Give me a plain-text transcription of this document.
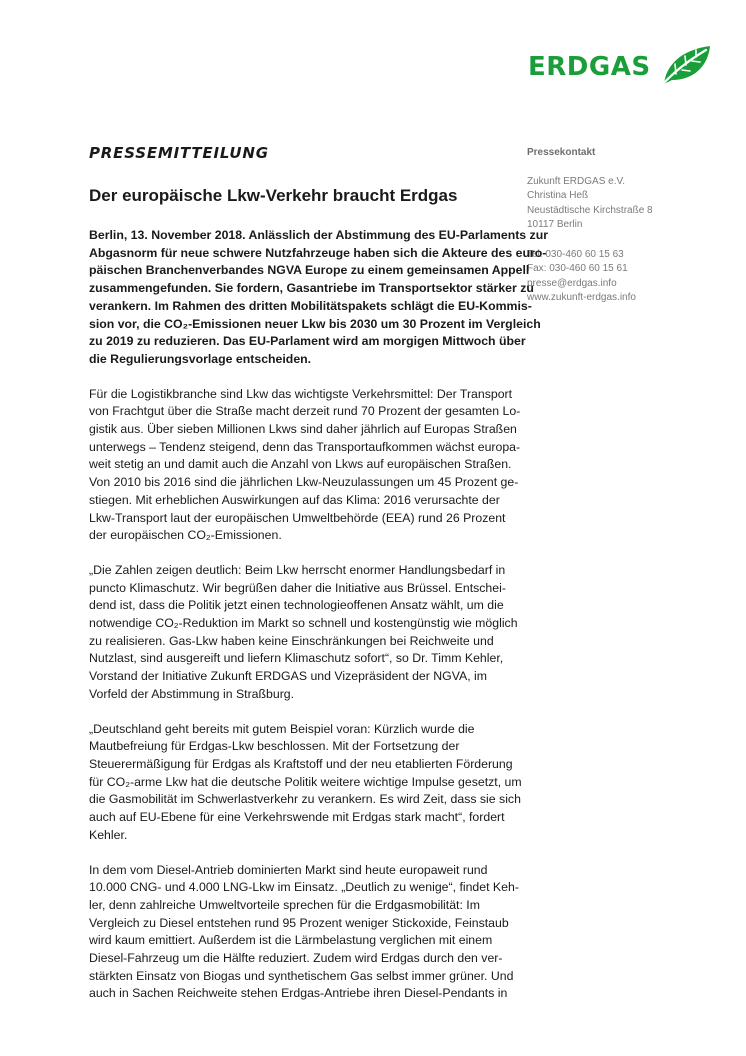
ERDGAS
Pressekontakt
Zukunft ERDGAS e.V.
Christina Heß
Neustädtische Kirchstraße 8
10117 Berlin
Tel: 030-460 60 15 63
Fax: 030-460 60 15 61
presse@erdgas.info
www.zukunft-erdgas.info
PRESSEMITTEILUNG
Der europäische Lkw-Verkehr braucht Erdgas
Berlin, 13. November 2018. Anlässlich der Abstimmung des EU-Parlaments zur
Abgasnorm für neue schwere Nutzfahrzeuge haben sich die Akteure des euro-
päischen Branchenverbandes NGVA Europe zu einem gemeinsamen Appell
zusammengefunden. Sie fordern, Gasantriebe im Transportsektor stärker zu
verankern. Im Rahmen des dritten Mobilitätspakets schlägt die EU-Kommis-
sion vor, die CO₂-Emissionen neuer Lkw bis 2030 um 30 Prozent im Vergleich
zu 2019 zu reduzieren. Das EU-Parlament wird am morgigen Mittwoch über
die Regulierungsvorlage entscheiden.
Für die Logistikbranche sind Lkw das wichtigste Verkehrsmittel: Der Transport
von Frachtgut über die Straße macht derzeit rund 70 Prozent der gesamten Lo-
gistik aus. Über sieben Millionen Lkws sind daher jährlich auf Europas Straßen
unterwegs – Tendenz steigend, denn das Transportaufkommen wächst europa-
weit stetig an und damit auch die Anzahl von Lkws auf europäischen Straßen.
Von 2010 bis 2016 sind die jährlichen Lkw-Neuzulassungen um 45 Prozent ge-
stiegen. Mit erheblichen Auswirkungen auf das Klima: 2016 verursachte der
Lkw-Transport laut der europäischen Umweltbehörde (EEA) rund 26 Prozent
der europäischen CO₂-Emissionen.
„Die Zahlen zeigen deutlich: Beim Lkw herrscht enormer Handlungsbedarf in
puncto Klimaschutz. Wir begrüßen daher die Initiative aus Brüssel. Entschei-
dend ist, dass die Politik jetzt einen technologieoffenen Ansatz wählt, um die
notwendige CO₂-Reduktion im Markt so schnell und kostengünstig wie möglich
zu realisieren. Gas-Lkw haben keine Einschränkungen bei Reichweite und
Nutzlast, sind ausgereift und liefern Klimaschutz sofort“, so Dr. Timm Kehler,
Vorstand der Initiative Zukunft ERDGAS und Vizepräsident der NGVA, im
Vorfeld der Abstimmung in Straßburg.
„Deutschland geht bereits mit gutem Beispiel voran: Kürzlich wurde die
Mautbefreiung für Erdgas-Lkw beschlossen. Mit der Fortsetzung der
Steuerermäßigung für Erdgas als Kraftstoff und der neu etablierten Förderung
für CO₂-arme Lkw hat die deutsche Politik weitere wichtige Impulse gesetzt, um
die Gasmobilität im Schwerlastverkehr zu verankern. Es wird Zeit, dass sie sich
auch auf EU-Ebene für eine Verkehrswende mit Erdgas stark macht“, fordert
Kehler.
In dem vom Diesel-Antrieb dominierten Markt sind heute europaweit rund
10.000 CNG- und 4.000 LNG-Lkw im Einsatz. „Deutlich zu wenige“, findet Keh-
ler, denn zahlreiche Umweltvorteile sprechen für die Erdgasmobilität: Im
Vergleich zu Diesel entstehen rund 95 Prozent weniger Stickoxide, Feinstaub
wird kaum emittiert. Außerdem ist die Lärmbelastung verglichen mit einem
Diesel-Fahrzeug um die Hälfte reduziert. Zudem wird Erdgas durch den ver-
stärkten Einsatz von Biogas und synthetischem Gas selbst immer grüner. Und
auch in Sachen Reichweite stehen Erdgas-Antriebe ihren Diesel-Pendants in
